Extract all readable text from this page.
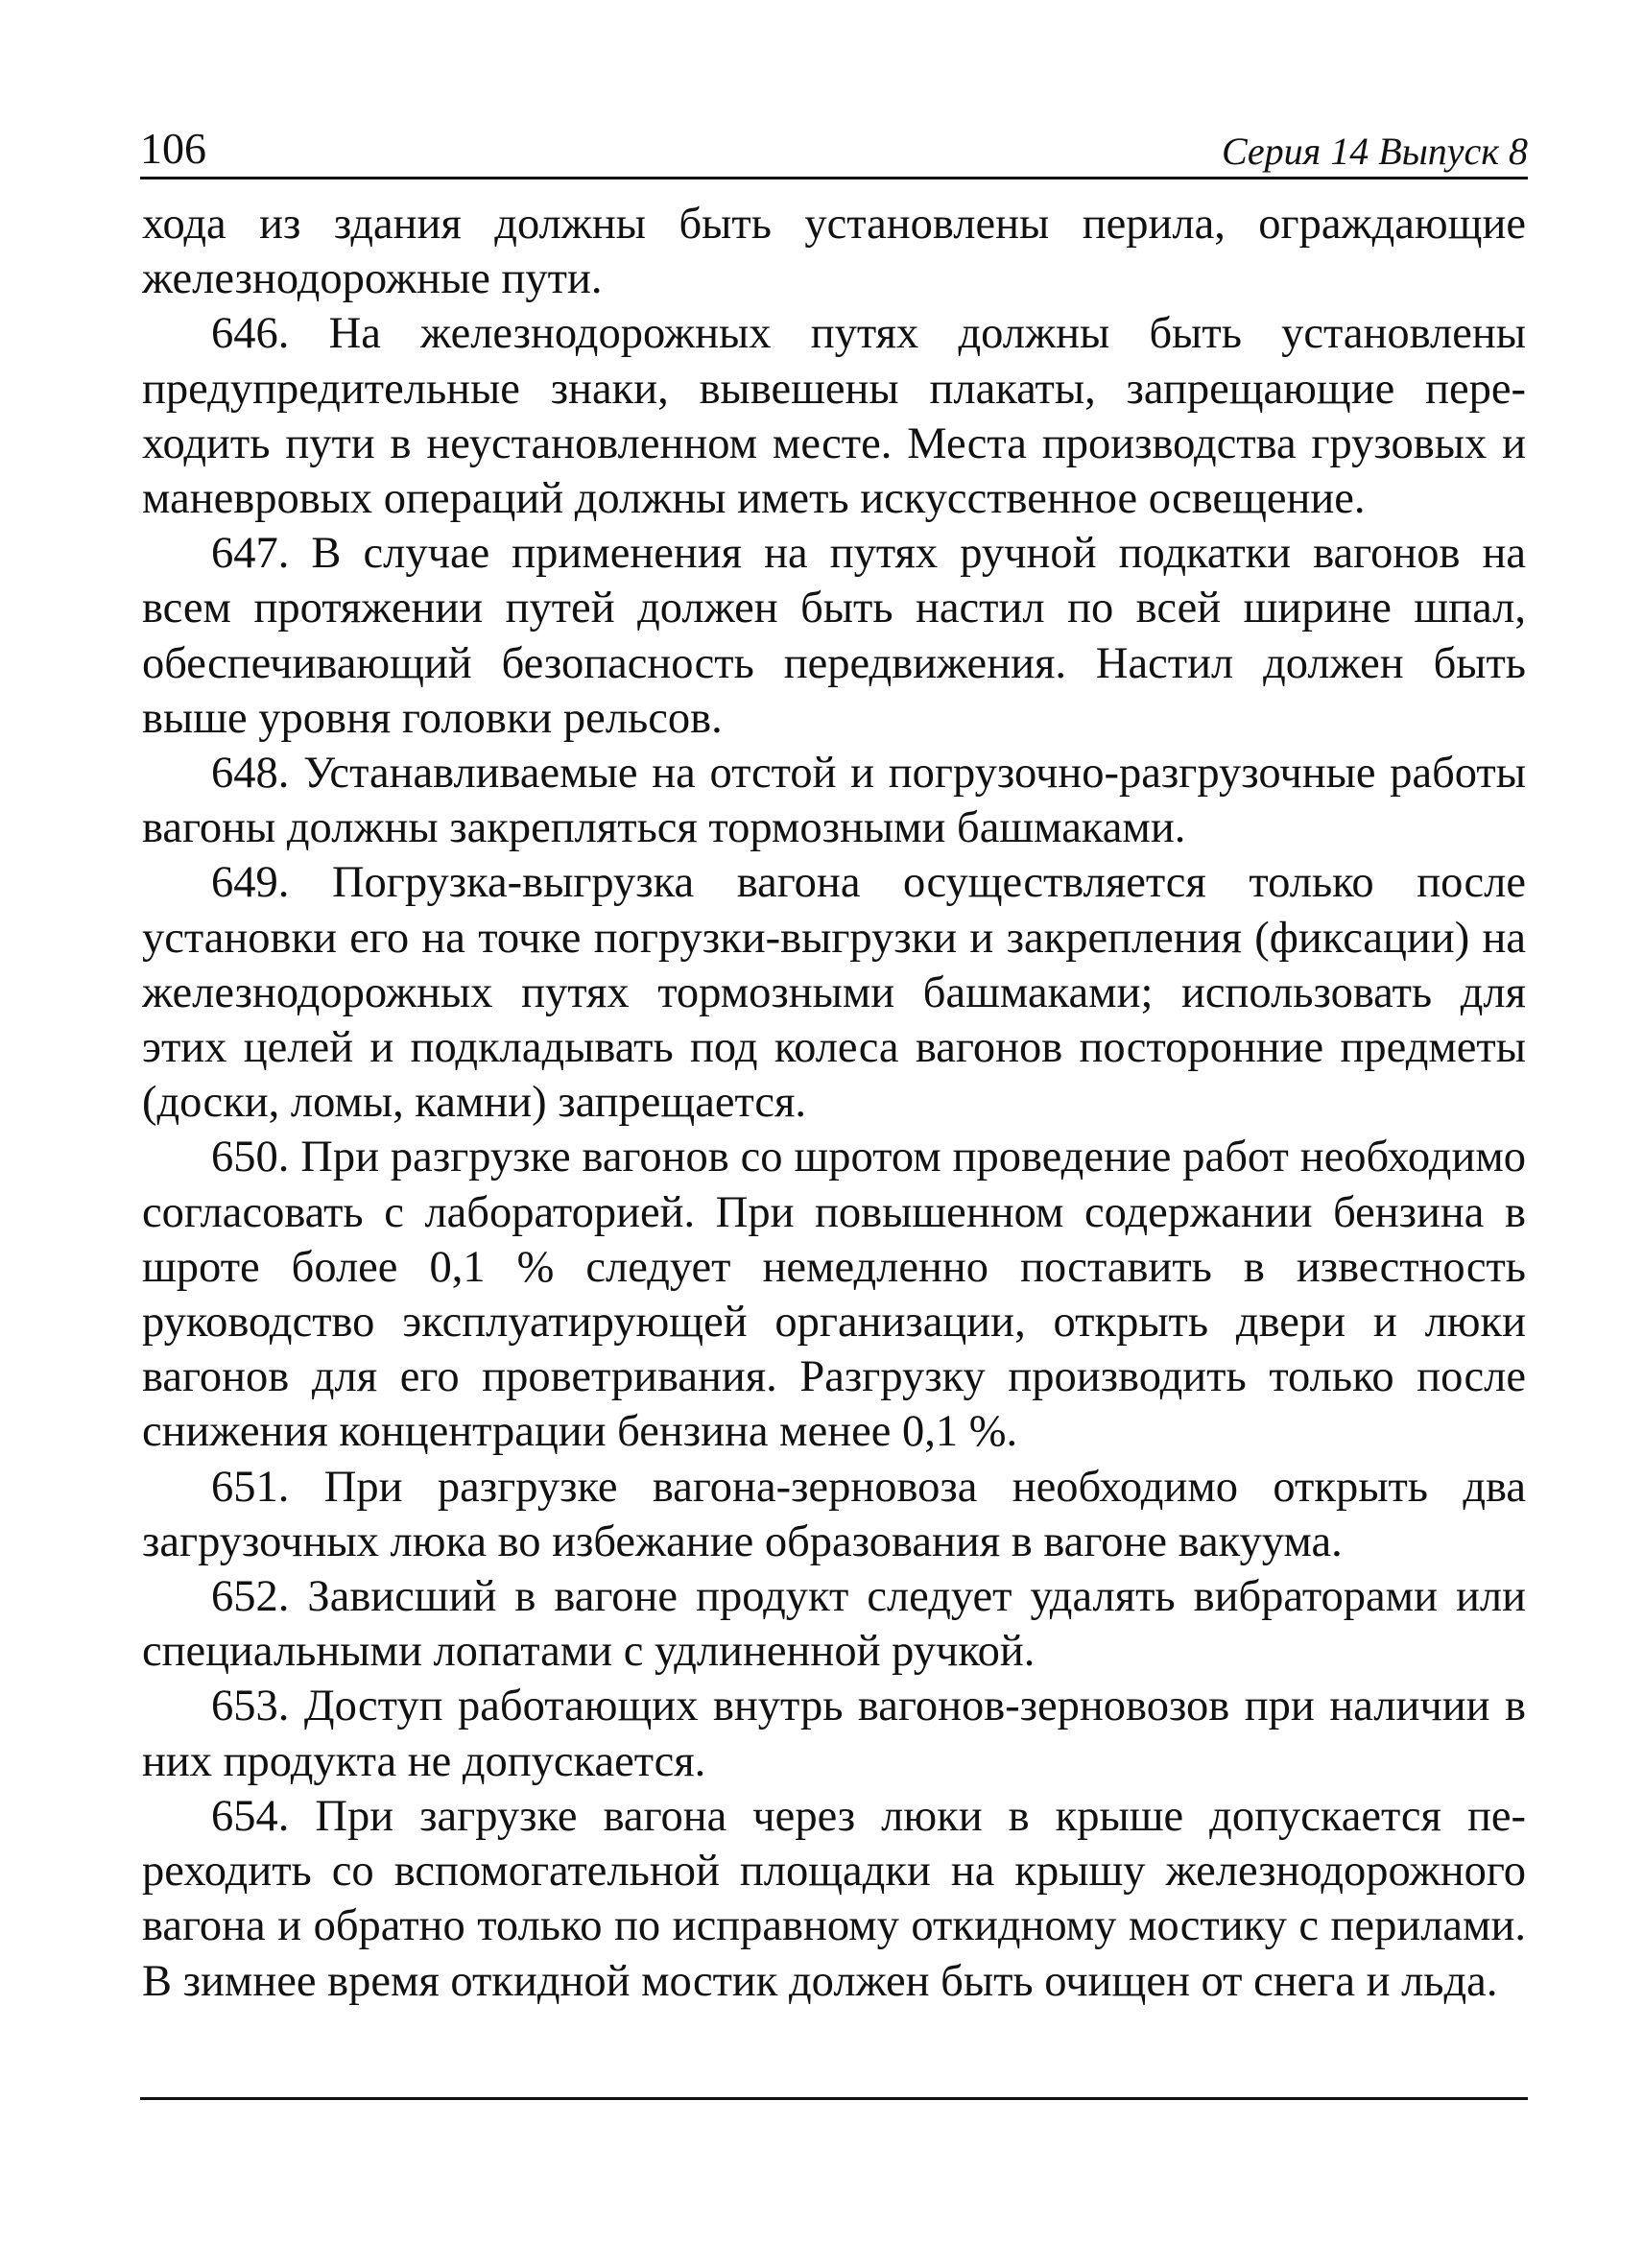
106	Серия 14 Выпуск 8

хода из здания должны быть установлены перила, ограждающие железнодорожные пути.

646. На железнодорожных путях должны быть установлены предупредительные знаки, вывешены плакаты, запрещающие переходить пути в неустановленном месте. Места производства грузовых и маневровых операций должны иметь искусственное освещение.

647. В случае применения на путях ручной подкатки вагонов на всем протяжении путей должен быть настил по всей ширине шпал, обеспечивающий безопасность передвижения. Настил должен быть выше уровня головки рельсов.

648. Устанавливаемые на отстой и погрузочно-разгрузочные работы вагоны должны закрепляться тормозными башмаками.

649. Погрузка-выгрузка вагона осуществляется только после установки его на точке погрузки-выгрузки и закрепления (фиксации) на железнодорожных путях тормозными башмаками; использовать для этих целей и подкладывать под колеса вагонов посторонние предметы (доски, ломы, камни) запрещается.

650. При разгрузке вагонов со шротом проведение работ необходимо согласовать с лабораторией. При повышенном содержании бензина в шроте более 0,1 % следует немедленно поставить в известность руководство эксплуатирующей организации, открыть двери и люки вагонов для его проветривания. Разгрузку производить только после снижения концентрации бензина менее 0,1 %.

651. При разгрузке вагона-зерновоза необходимо открыть два загрузочных люка во избежание образования в вагоне вакуума.

652. Зависший в вагоне продукт следует удалять вибраторами или специальными лопатами с удлиненной ручкой.

653. Доступ работающих внутрь вагонов-зерновозов при наличии в них продукта не допускается.

654. При загрузке вагона через люки в крыше допускается переходить со вспомогательной площадки на крышу железнодорожного вагона и обратно только по исправному откидному мостику с перилами. В зимнее время откидной мостик должен быть очищен от снега и льда.
